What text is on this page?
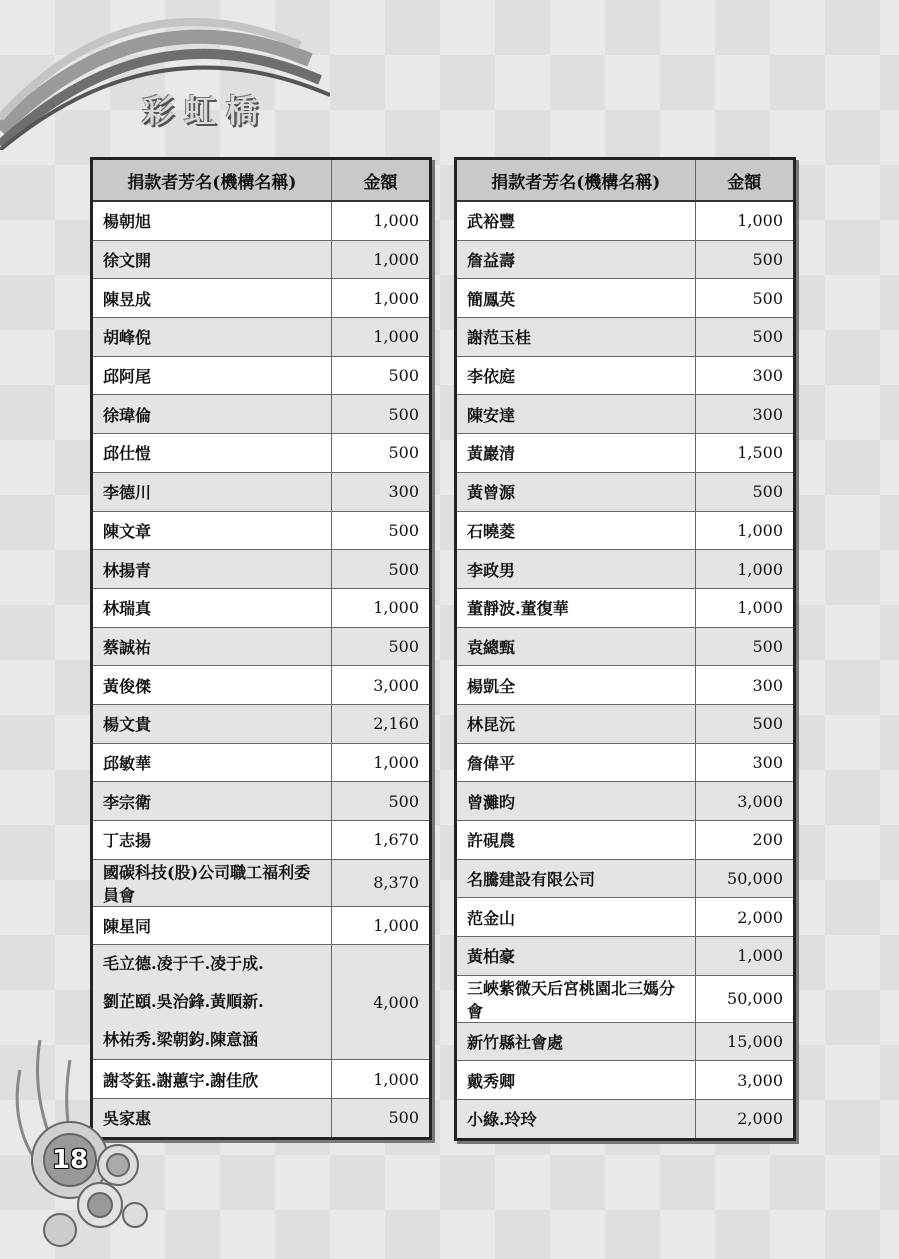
彩虹橋
捐款者芳名(機構名稱)	金額
楊朝旭	1,000
徐文開	1,000
陳昱成	1,000
胡峰倪	1,000
邱阿尾	500
徐瑋倫	500
邱仕愷	500
李德川	300
陳文章	500
林揚青	500
林瑞真	1,000
蔡誠祐	500
黃俊傑	3,000
楊文貴	2,160
邱敏華	1,000
李宗衛	500
丁志揚	1,670
國碳科技(股)公司職工福利委員會	8,370
陳星同	1,000

毛立德.凌于千.凌于成.
劉芷頤.吳治鋒.黃順新.
林祐秀.梁朝鈞.陳意涵	4,000
謝苓鈺.謝蕙宇.謝佳欣	1,000
吳家惠	500
捐款者芳名(機構名稱)	金額
武裕豐	1,000
詹益壽	500
簡鳳英	500
謝范玉桂	500
李依庭	300
陳安達	300
黃巖清	1,500
黃曾源	500
石曉菱	1,000
李政男	1,000
董靜波.董復華	1,000
袁總甄	500
楊凱全	300
林昆沅	500
詹偉平	300
曾灘昀	3,000
許硯農	200
名騰建設有限公司	50,000
范金山	2,000
黃柏豪	1,000
三峽紫微天后宮桃園北三媽分會	50,000
新竹縣社會處	15,000
戴秀卿	3,000
小綠.玲玲	2,000
18
